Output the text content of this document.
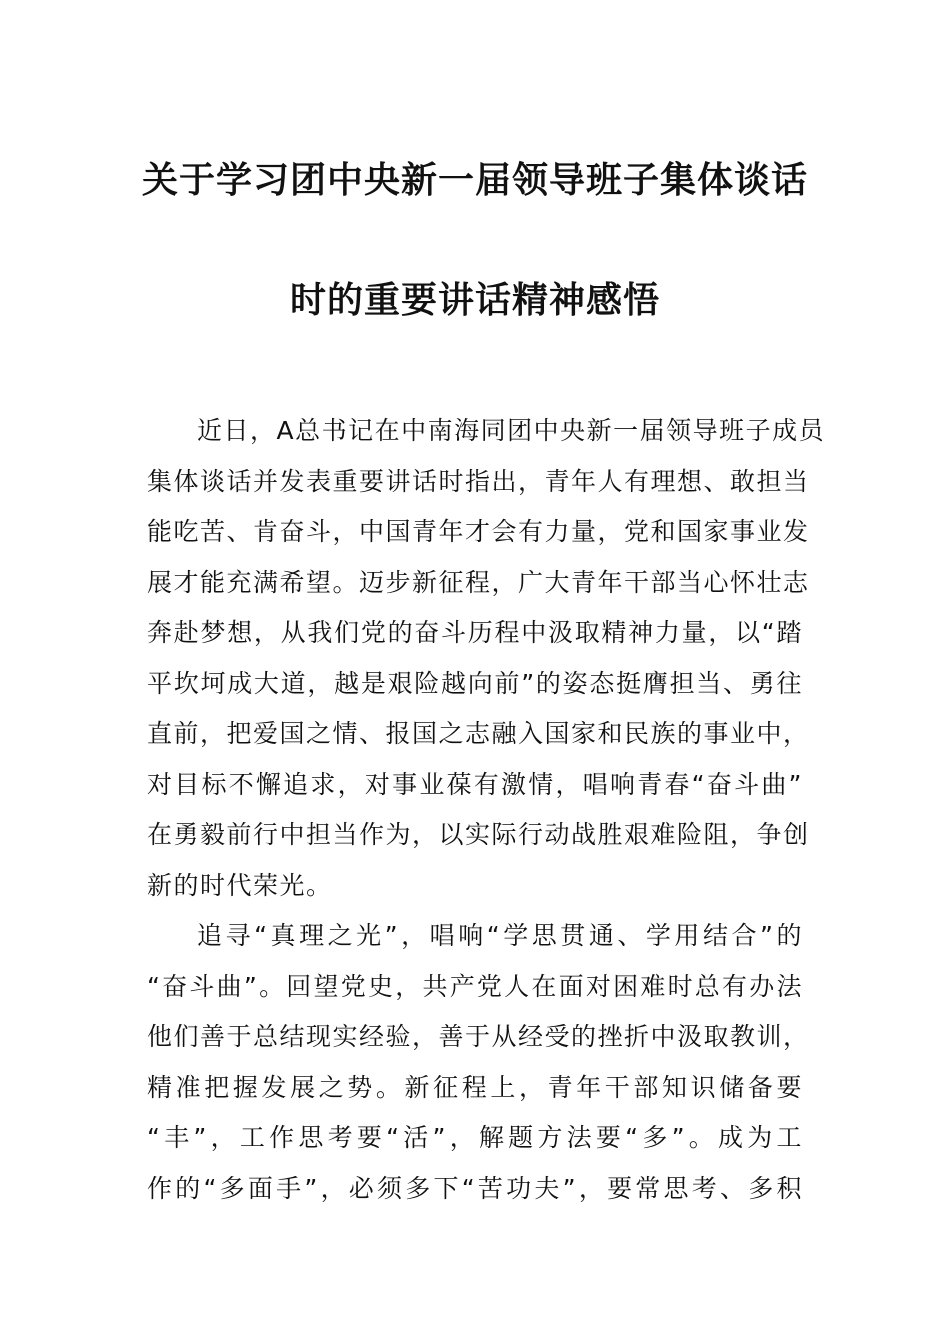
关于学习团中央新一届领导班子集体谈话
时的重要讲话精神感悟
近日，A总书记在中南海同团中央新一届领导班子成员
集体谈话并发表重要讲话时指出，青年人有理想、敢担当
能吃苦、肯奋斗，中国青年才会有力量，党和国家事业发
展才能充满希望。迈步新征程，广大青年干部当心怀壮志
奔赴梦想，从我们党的奋斗历程中汲取精神力量，以“踏
平坎坷成大道，越是艰险越向前”的姿态挺膺担当、勇往
直前，把爱国之情、报国之志融入国家和民族的事业中，
对目标不懈追求，对事业葆有激情，唱响青春“奋斗曲”
在勇毅前行中担当作为，以实际行动战胜艰难险阻，争创
新的时代荣光。
追寻“真理之光”，唱响“学思贯通、学用结合”的
“奋斗曲”。回望党史，共产党人在面对困难时总有办法
他们善于总结现实经验，善于从经受的挫折中汲取教训，
精准把握发展之势。新征程上，青年干部知识储备要
“丰”，工作思考要“活”，解题方法要“多”。成为工
作的“多面手”，必须多下“苦功夫”，要常思考、多积
